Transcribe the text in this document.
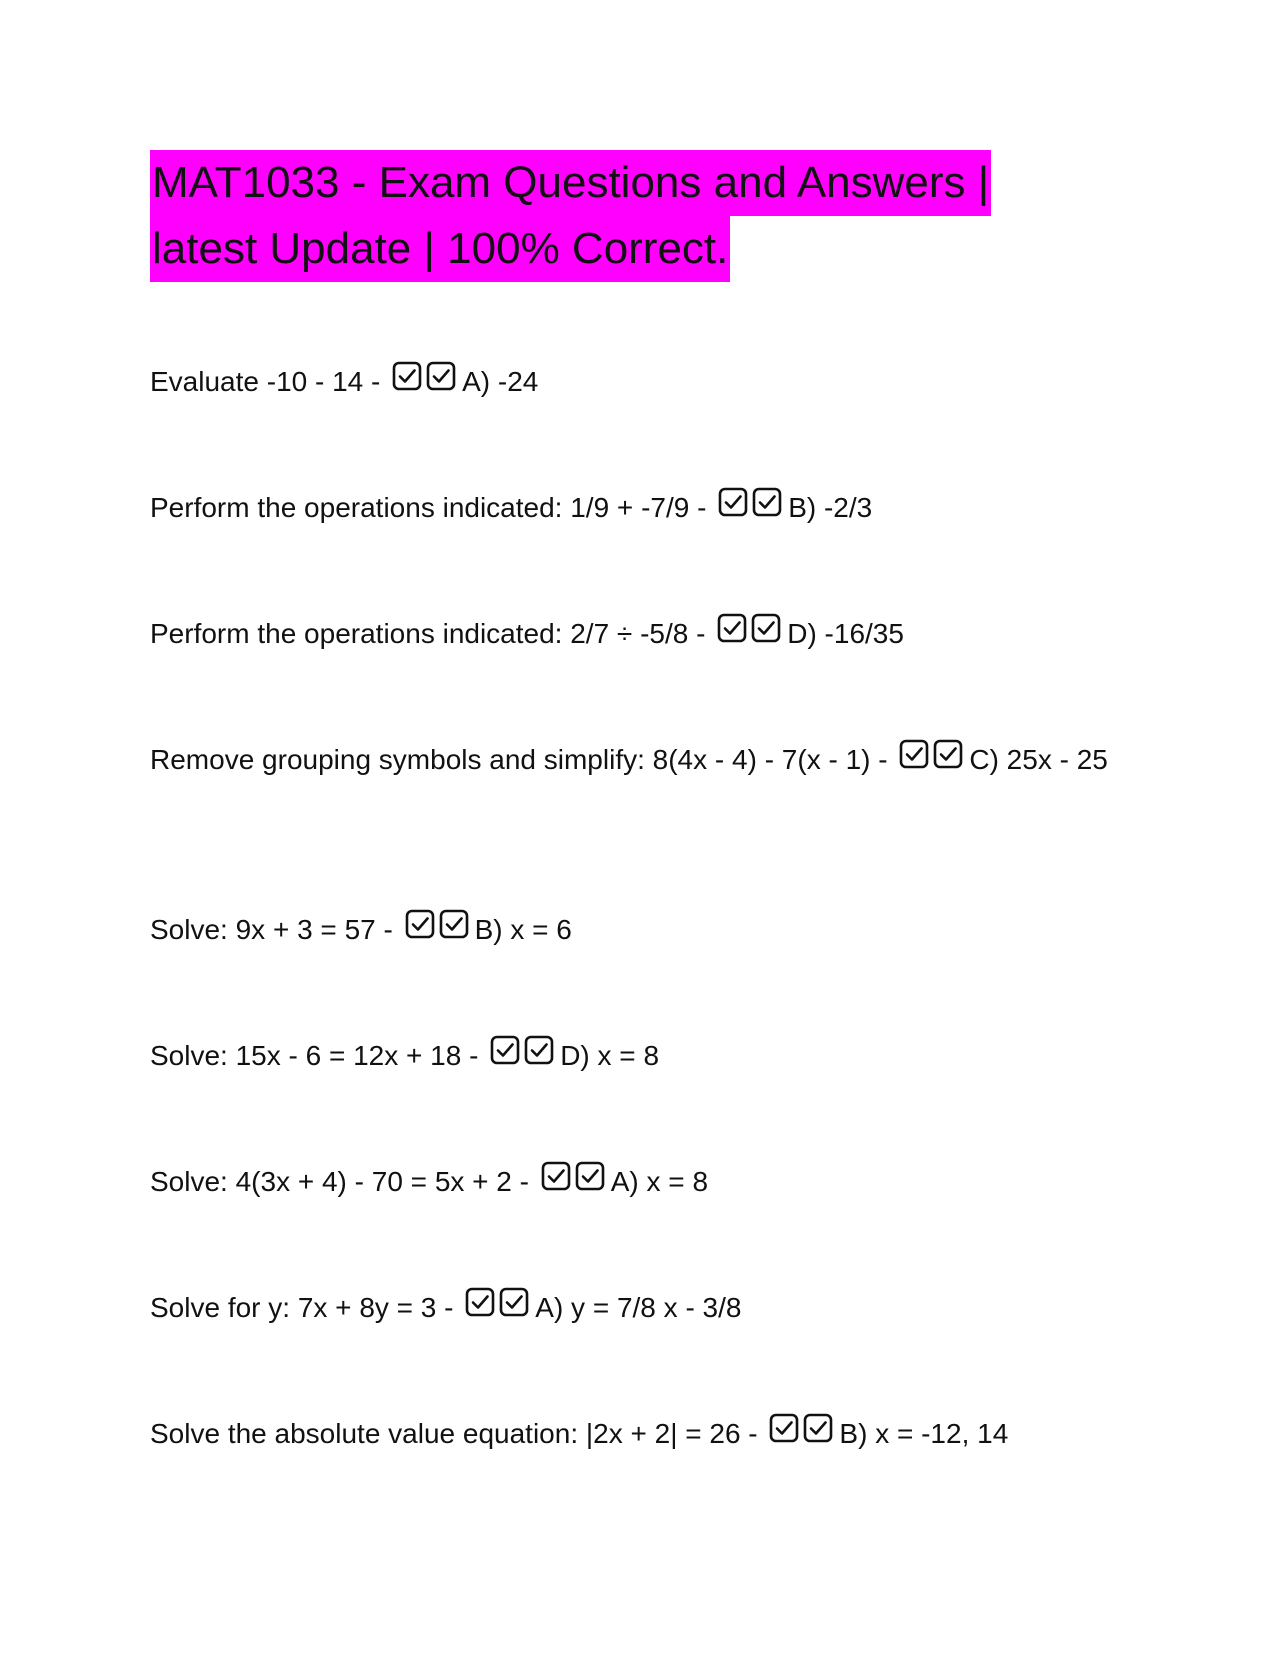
MAT1033 - Exam Questions and Answers |
latest Update | 100% Correct.
Evaluate -10 - 14 -	A) -24
Perform the operations indicated: 1/9 + -7/9 -	B) -2/3
Perform the operations indicated: 2/7 ÷ -5/8 -	D) -16/35
Remove grouping symbols and simplify: 8(4x - 4) - 7(x - 1) -	C) 25x - 25
Solve: 9x + 3 = 57 -	B) x = 6
Solve: 15x - 6 = 12x + 18 -	D) x = 8
Solve: 4(3x + 4) - 70 = 5x + 2 -	A) x = 8
Solve for y: 7x + 8y = 3 -	A) y = 7/8 x - 3/8
Solve the absolute value equation: |2x + 2| = 26 -	B) x = -12, 14
